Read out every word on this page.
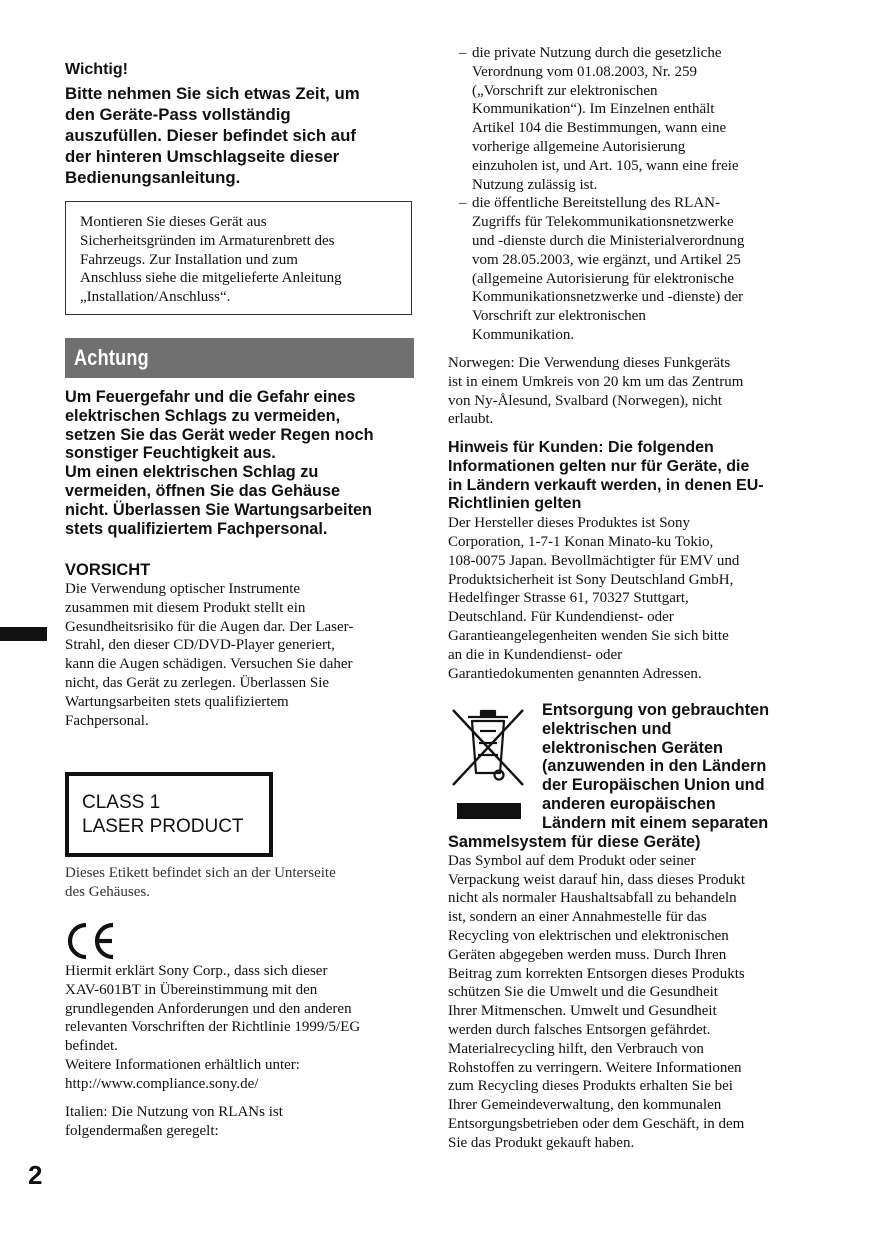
Wichtig!

Bitte nehmen Sie sich etwas Zeit, um
den Geräte-Pass vollständig
auszufüllen. Dieser befindet sich auf
der hinteren Umschlagseite dieser
Bedienungsanleitung.
Montieren Sie dieses Gerät aus
Sicherheitsgründen im Armaturenbrett des
Fahrzeugs. Zur Installation und zum
Anschluss siehe die mitgelieferte Anleitung
„Installation/Anschluss“.
Achtung
Um Feuergefahr und die Gefahr eines
elektrischen Schlags zu vermeiden,
setzen Sie das Gerät weder Regen noch
sonstiger Feuchtigkeit aus.
Um einen elektrischen Schlag zu
vermeiden, öffnen Sie das Gehäuse
nicht. Überlassen Sie Wartungsarbeiten
stets qualifiziertem Fachpersonal.
VORSICHT
Die Verwendung optischer Instrumente
zusammen mit diesem Produkt stellt ein
Gesundheitsrisiko für die Augen dar. Der Laser-
Strahl, den dieser CD/DVD-Player generiert,
kann die Augen schädigen. Versuchen Sie daher
nicht, das Gerät zu zerlegen. Überlassen Sie
Wartungsarbeiten stets qualifiziertem
Fachpersonal.
CLASS 1
LASER PRODUCT
Dieses Etikett befindet sich an der Unterseite
des Gehäuses.
Hiermit erklärt Sony Corp., dass sich dieser
XAV-601BT in Übereinstimmung mit den
grundlegenden Anforderungen und den anderen
relevanten Vorschriften der Richtlinie 1999/5/EG
befindet.
Weitere Informationen erhältlich unter:
http://www.compliance.sony.de/
Italien: Die Nutzung von RLANs ist
folgendermaßen geregelt:
2
– die private Nutzung durch die gesetzliche
Verordnung vom 01.08.2003, Nr. 259
(„Vorschrift zur elektronischen
Kommunikation“). Im Einzelnen enthält
Artikel 104 die Bestimmungen, wann eine
vorherige allgemeine Autorisierung
einzuholen ist, und Art. 105, wann eine freie
Nutzung zulässig ist.
– die öffentliche Bereitstellung des RLAN-
Zugriffs für Telekommunikationsnetzwerke
und -dienste durch die Ministerialverordnung
vom 28.05.2003, wie ergänzt, und Artikel 25
(allgemeine Autorisierung für elektronische
Kommunikationsnetzwerke und -dienste) der
Vorschrift zur elektronischen
Kommunikation.
Norwegen: Die Verwendung dieses Funkgeräts
ist in einem Umkreis von 20 km um das Zentrum
von Ny-Ålesund, Svalbard (Norwegen), nicht
erlaubt.
Hinweis für Kunden: Die folgenden
Informationen gelten nur für Geräte, die
in Ländern verkauft werden, in denen EU-
Richtlinien gelten
Der Hersteller dieses Produktes ist Sony
Corporation, 1-7-1 Konan Minato-ku Tokio,
108-0075 Japan. Bevollmächtigter für EMV und
Produktsicherheit ist Sony Deutschland GmbH,
Hedelfinger Strasse 61, 70327 Stuttgart,
Deutschland. Für Kundendienst- oder
Garantieangelegenheiten wenden Sie sich bitte
an die in Kundendienst- oder
Garantiedokumenten genannten Adressen.
Entsorgung von gebrauchten
elektrischen und
elektronischen Geräten
(anzuwenden in den Ländern
der Europäischen Union und
anderen europäischen
Ländern mit einem separaten
Sammelsystem für diese Geräte)
Das Symbol auf dem Produkt oder seiner
Verpackung weist darauf hin, dass dieses Produkt
nicht als normaler Haushaltsabfall zu behandeln
ist, sondern an einer Annahmestelle für das
Recycling von elektrischen und elektronischen
Geräten abgegeben werden muss. Durch Ihren
Beitrag zum korrekten Entsorgen dieses Produkts
schützen Sie die Umwelt und die Gesundheit
Ihrer Mitmenschen. Umwelt und Gesundheit
werden durch falsches Entsorgen gefährdet.
Materialrecycling hilft, den Verbrauch von
Rohstoffen zu verringern. Weitere Informationen
zum Recycling dieses Produkts erhalten Sie bei
Ihrer Gemeindeverwaltung, den kommunalen
Entsorgungsbetrieben oder dem Geschäft, in dem
Sie das Produkt gekauft haben.
